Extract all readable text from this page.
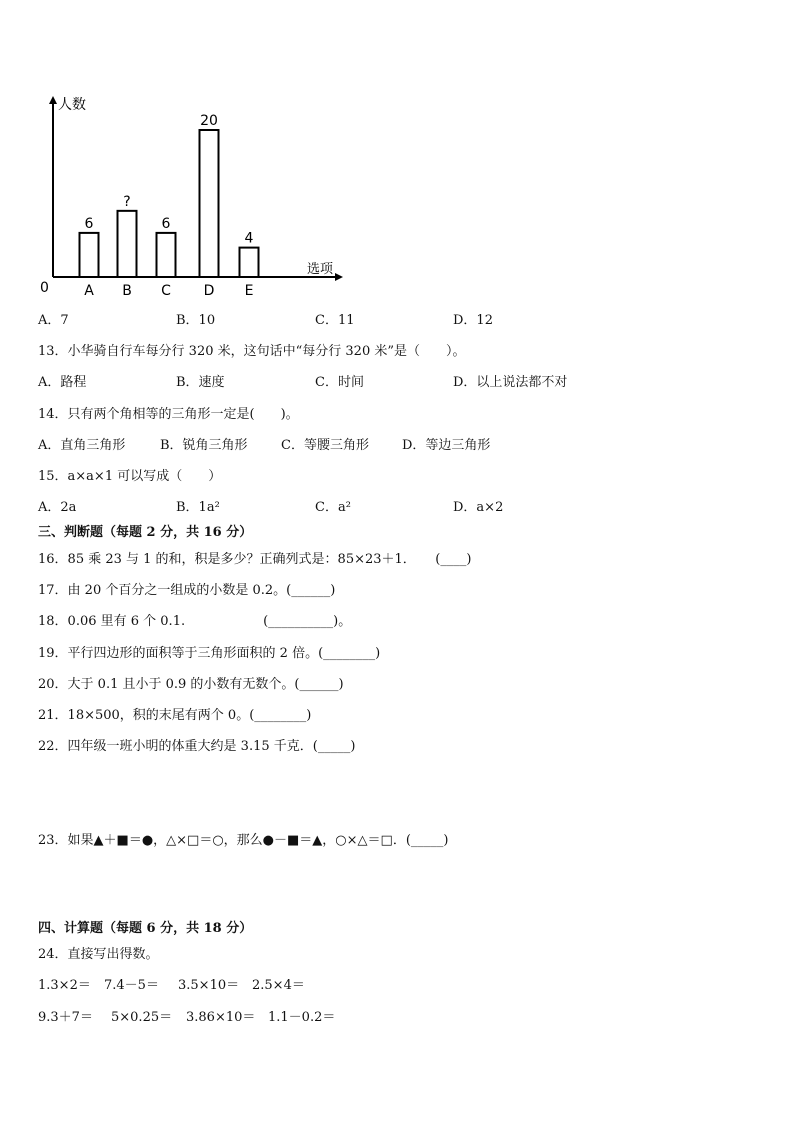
人数
选项
0
6
A
?
B
6
C
20
D
4
E
A．7	B．10	C．11	D．12
13．小华骑自行车每分行 320 米，这句话中“每分行 320 米”是（　　）。
A．路程	B．速度	C．时间	D．以上说法都不对
14．只有两个角相等的三角形一定是(　　)。
A．直角三角形	B．锐角三角形	C．等腰三角形	D．等边三角形
15．a×a×1 可以写成（　　）
A．2a	B．1a²	C．a²	D．a×2
三、判断题（每题 2 分，共 16 分）
16．85 乘 23 与 1 的和，积是多少？正确列式是：85×23＋1．　　(____)
17．由 20 个百分之一组成的小数是 0.2。(______)
18．0.06 里有 6 个 0.1.　　　　　　(__________)。
19．平行四边形的面积等于三角形面积的 2 倍。(________)
20．大于 0.1 且小于 0.9 的小数有无数个。(______)
21．18×500，积的末尾有两个 0。(________)
22．四年级一班小明的体重大约是 3.15 千克．(_____)
23．如果▲＋■＝●，△×□＝○，那么●－■＝▲，○×△＝□．(_____)
四、计算题（每题 6 分，共 18 分）
24．直接写出得数。
1.3×2＝ 7.4－5＝ 3.5×10＝ 2.5×4＝
9.3＋7＝ 5×0.25＝ 3.86×10＝ 1.1－0.2＝
